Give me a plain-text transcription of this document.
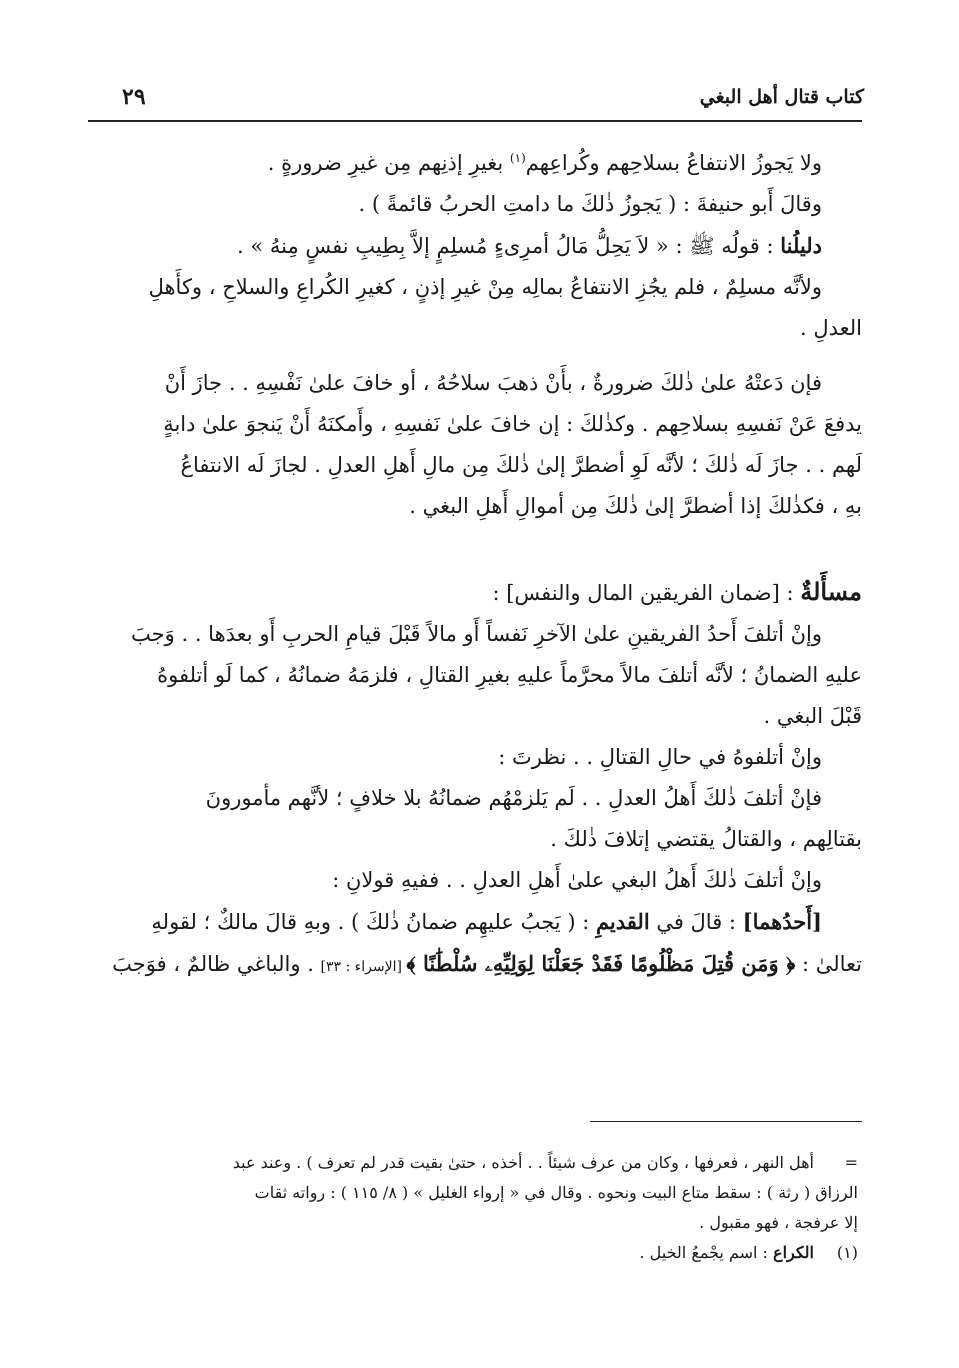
كتاب قتال أهل البغي
٢٩
ولا يَجوزُ الانتفاعُ بسلاحِهم وكُراعِهم$^{(١)}$ بغيرِ إذنِهم مِن غيرِ ضرورةٍ .
وقالَ أَبو حنيفةَ : ( يَجوزُ ذٰلكَ ما دامتِ الحربُ قائمةً ) .
دليلُنا : قولُه ﷺ : « لاَ يَحِلُّ مَالُ أمرِىءٍ مُسلِمٍ إلاَّ بِطِيبِ نفسٍ مِنهُ » .
ولأنَّه مسلِمٌ ، فلم يجُزِ الانتفاعُ بمالِه مِنْ غيرِ إذنٍ ، كغيرِ الكُراعِ والسلاحِ ، وكأَهلِ
العدلِ .
فإن دَعتْهُ علىٰ ذٰلكَ ضرورةٌ ، بأَنْ ذهبَ سلاحُهُ ، أو خافَ علىٰ نَفْسِهِ . . جازَ أَنْ
يدفعَ عَنْ نَفسِهِ بسلاحِهم . وكذٰلكَ : إن خافَ علىٰ نَفسِهِ ، وأَمكنَهُ أَنْ يَنجوَ علىٰ دابةٍ
لَهم . . جازَ لَه ذٰلكَ ؛ لأنَّه لَوِ أضطرَّ إلىٰ ذٰلكَ مِن مالِ أَهلِ العدلِ . لجازَ لَه الانتفاعُ
بهِ ، فكذٰلكَ إذا أضطرَّ إلىٰ ذٰلكَ مِن أموالِ أَهلِ البغي .
مسأَلةٌ : [ضمان الفريقين المال والنفس] :
وإنْ أتلفَ أَحدُ الفريقينِ علىٰ الآخرِ نَفساً أَو مالاً قَبْلَ قيامِ الحربِ أَو بعدَها . . وَجبَ
عليهِ الضمانُ ؛ لأنَّه أتلفَ مالاً محرَّماً عليهِ بغيرِ القتالِ ، فلزمَهُ ضمانُهُ ، كما لَو أتلفوهُ
قَبْلَ البغي .
وإنْ أتلفوهُ في حالِ القتالِ . . نظرتَ :
فإنْ أتلفَ ذٰلكَ أَهلُ العدلِ . . لَم يَلزمْهُم ضمانُهُ بلا خلافٍ ؛ لأنَّهم مأمورونَ
بقتالِهم ، والقتالُ يقتضي إتلافَ ذٰلكَ .
وإنْ أتلفَ ذٰلكَ أَهلُ البغي علىٰ أَهلِ العدلِ . . ففيهِ قولانِ :
[أَحدُهما] : قالَ في القديمِ : ( يَجبُ عليهِم ضمانُ ذٰلكَ ) . وبهِ قالَ مالكٌ ؛ لقولهِ
تعالىٰ : ﴿ وَمَن قُتِلَ مَظْلُومًا فَقَدْ جَعَلْنَا لِوَلِيِّهِۦ سُلْطَٰنًا ﴾ [الإسراء : ٣٣] . والباغي ظالمٌ ، فوَجبَ
=أهل النهر ، فعرفها ، وكان من عرف شيئاً . . أخذه ، حتىٰ بقيت قدر لم تعرف ) . وعند عبد
الرزاق ( رثة ) : سقط متاع البيت ونحوه . وقال في « إرواء الغليل » ( ٨/ ١١٥ ) : رواته ثقات
إلا عرفجة ، فهو مقبول .
(١)الكراع : اسم يجْمعُ الخيل .
